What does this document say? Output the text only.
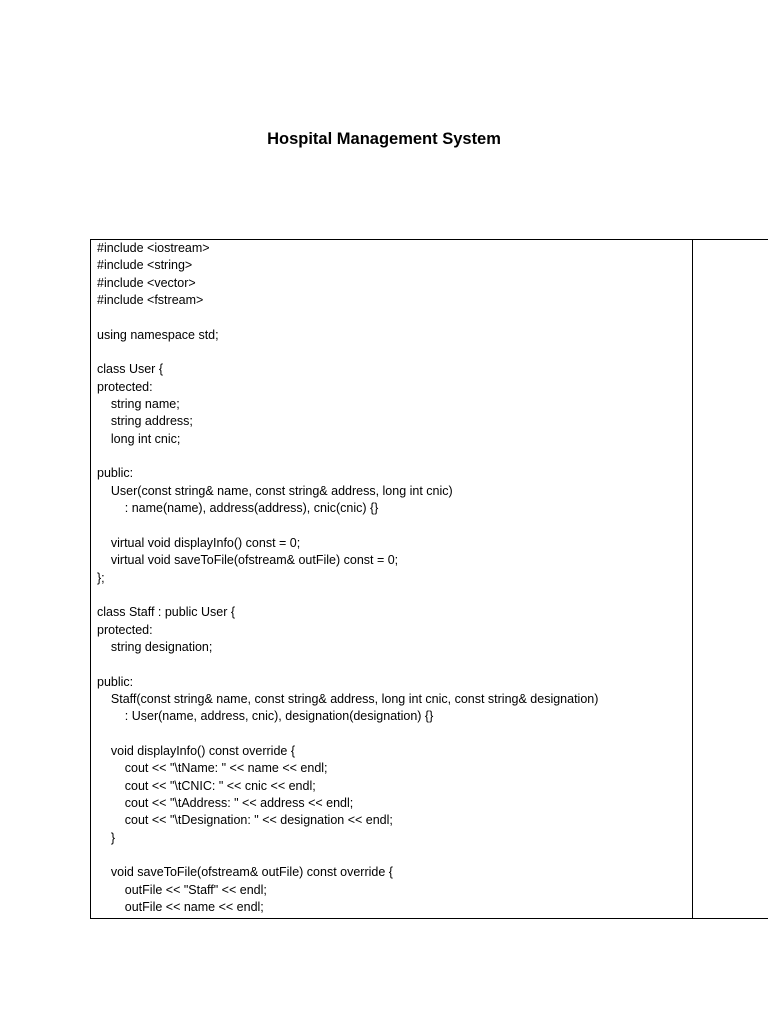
Hospital Management System
#include <iostream>
#include <string>
#include <vector>
#include <fstream>
using namespace std;
class User {
protected:
string name;
string address;
long int cnic;
public:
User(const string& name, const string& address, long int cnic)
: name(name), address(address), cnic(cnic) {}
virtual void displayInfo() const = 0;
virtual void saveToFile(ofstream& outFile) const = 0;
};
class Staff : public User {
protected:
string designation;
public:
Staff(const string& name, const string& address, long int cnic, const string& designation)
: User(name, address, cnic), designation(designation) {}
void displayInfo() const override {
cout << "\tName: " << name << endl;
cout << "\tCNIC: " << cnic << endl;
cout << "\tAddress: " << address << endl;
cout << "\tDesignation: " << designation << endl;
}
void saveToFile(ofstream& outFile) const override {
outFile << "Staff" << endl;
outFile << name << endl;
